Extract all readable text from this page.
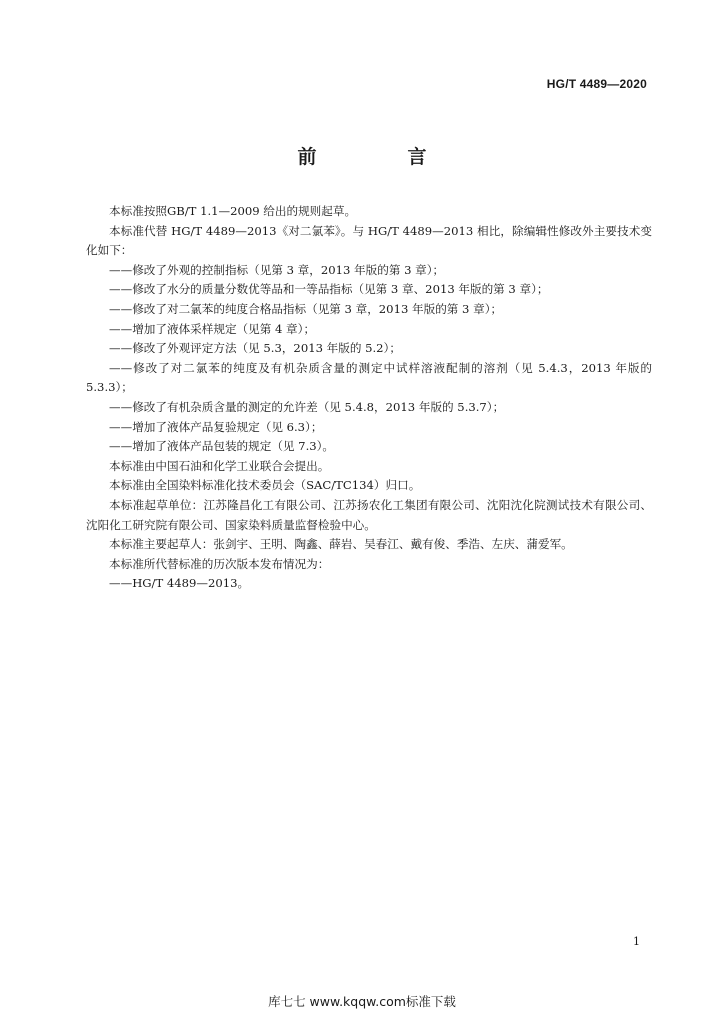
HG/T 4489—2020
前　言

本标准按照GB/T 1.1—2009 给出的规则起草。

本标准代替 HG/T 4489—2013《对二氯苯》。与 HG/T 4489—2013 相比，除编辑性修改外主要技术变化如下：

——修改了外观的控制指标（见第 3 章，2013 年版的第 3 章）；

——修改了水分的质量分数优等品和一等品指标（见第 3 章、2013 年版的第 3 章）；

——修改了对二氯苯的纯度合格品指标（见第 3 章，2013 年版的第 3 章）；

——增加了液体采样规定（见第 4 章）；

——修改了外观评定方法（见 5.3，2013 年版的 5.2）；

——修改了对二氯苯的纯度及有机杂质含量的测定中试样溶液配制的溶剂（见 5.4.3，2013 年版的 5.3.3）；

——修改了有机杂质含量的测定的允许差（见 5.4.8，2013 年版的 5.3.7）；

——增加了液体产品复验规定（见 6.3）；

——增加了液体产品包装的规定（见 7.3）。

本标准由中国石油和化学工业联合会提出。

本标准由全国染料标准化技术委员会（SAC/TC134）归口。

本标准起草单位：江苏隆昌化工有限公司、江苏扬农化工集团有限公司、沈阳沈化院测试技术有限公司、沈阳化工研究院有限公司、国家染料质量监督检验中心。

本标准主要起草人：张剑宇、王明、陶鑫、薛岩、吴春江、戴有俊、季浩、左庆、蒲爱军。

本标准所代替标准的历次版本发布情况为：

——HG/T 4489—2013。

1
库七七 www.kqqw.com标准下载
